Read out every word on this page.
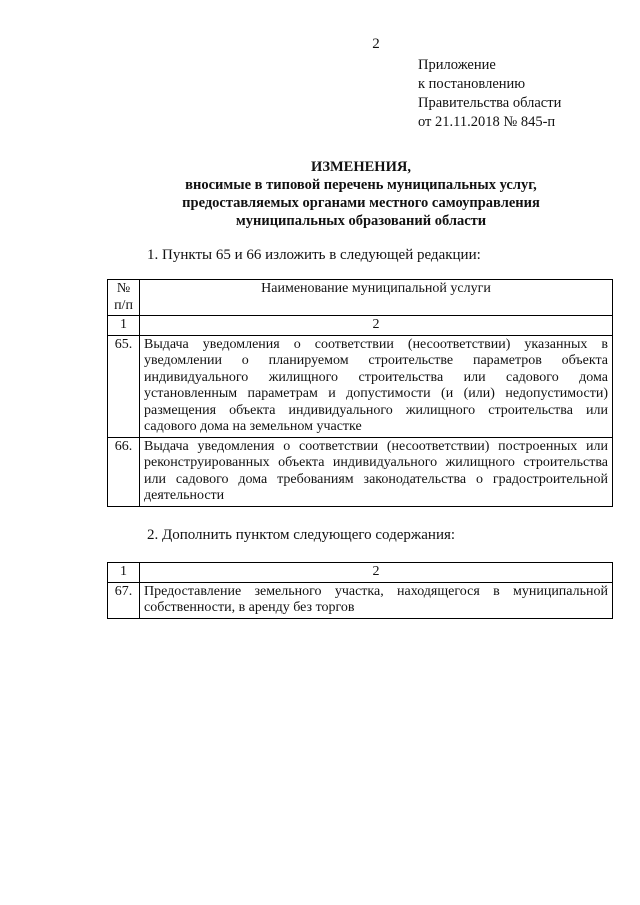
2
Приложение
к постановлению
Правительства области
от 21.11.2018 № 845-п
ИЗМЕНЕНИЯ,
вносимые в типовой перечень муниципальных услуг,
предоставляемых органами местного самоуправления
муниципальных образований области
1. Пункты 65 и 66 изложить в следующей редакции:
№ п/п	Наименование муниципальной услуги
1	2
65.	Выдача уведомления о соответствии (несоответствии) указанных в уведомлении о планируемом строительстве параметров объекта индивидуального жилищного строительства или садового дома установленным параметрам и допустимости (и (или) недопустимости) размещения объекта индивидуального жилищного строительства или садового дома на земельном участке
66.	Выдача уведомления о соответствии (несоответствии) построенных или реконструированных объекта индивидуального жилищного строительства или садового дома требованиям законодательства о градостроительной деятельности
2. Дополнить пунктом следующего содержания:
1	2
67.	Предоставление земельного участка, находящегося в муниципальной собственности, в аренду без торгов
